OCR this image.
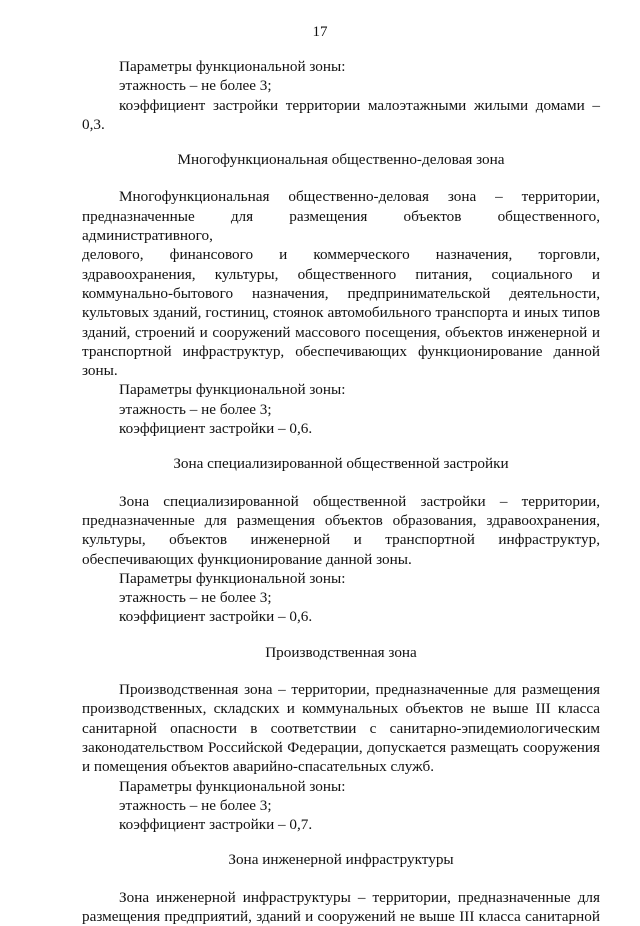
17

Параметры функциональной зоны:

этажность – не более 3;

коэффициент застройки территории малоэтажными жилыми домами –

0,3.

Многофункциональная общественно-деловая зона

Многофункциональная общественно-деловая зона – территории,

предназначенные для размещения объектов общественного, административного,

делового, финансового и коммерческого назначения, торговли,

здравоохранения, культуры, общественного питания, социального и

коммунально-бытового назначения, предпринимательской деятельности,

культовых зданий, гостиниц, стоянок автомобильного транспорта и иных типов

зданий, строений и сооружений массового посещения, объектов инженерной и

транспортной инфраструктур, обеспечивающих функционирование данной

зоны.

Параметры функциональной зоны:

этажность – не более 3;

коэффициент застройки – 0,6.

Зона специализированной общественной застройки

Зона специализированной общественной застройки – территории,

предназначенные для размещения объектов образования, здравоохранения,

культуры, объектов инженерной и транспортной инфраструктур,

обеспечивающих функционирование данной зоны.

Параметры функциональной зоны:

этажность – не более 3;

коэффициент застройки – 0,6.

Производственная зона

Производственная зона – территории, предназначенные для размещения

производственных, складских и коммунальных объектов не выше III класса

санитарной опасности в соответствии с санитарно-эпидемиологическим

законодательством Российской Федерации, допускается размещать сооружения

и помещения объектов аварийно-спасательных служб.

Параметры функциональной зоны:

этажность – не более 3;

коэффициент застройки – 0,7.

Зона инженерной инфраструктуры

Зона инженерной инфраструктуры – территории, предназначенные для

размещения предприятий, зданий и сооружений не выше III класса санитарной
